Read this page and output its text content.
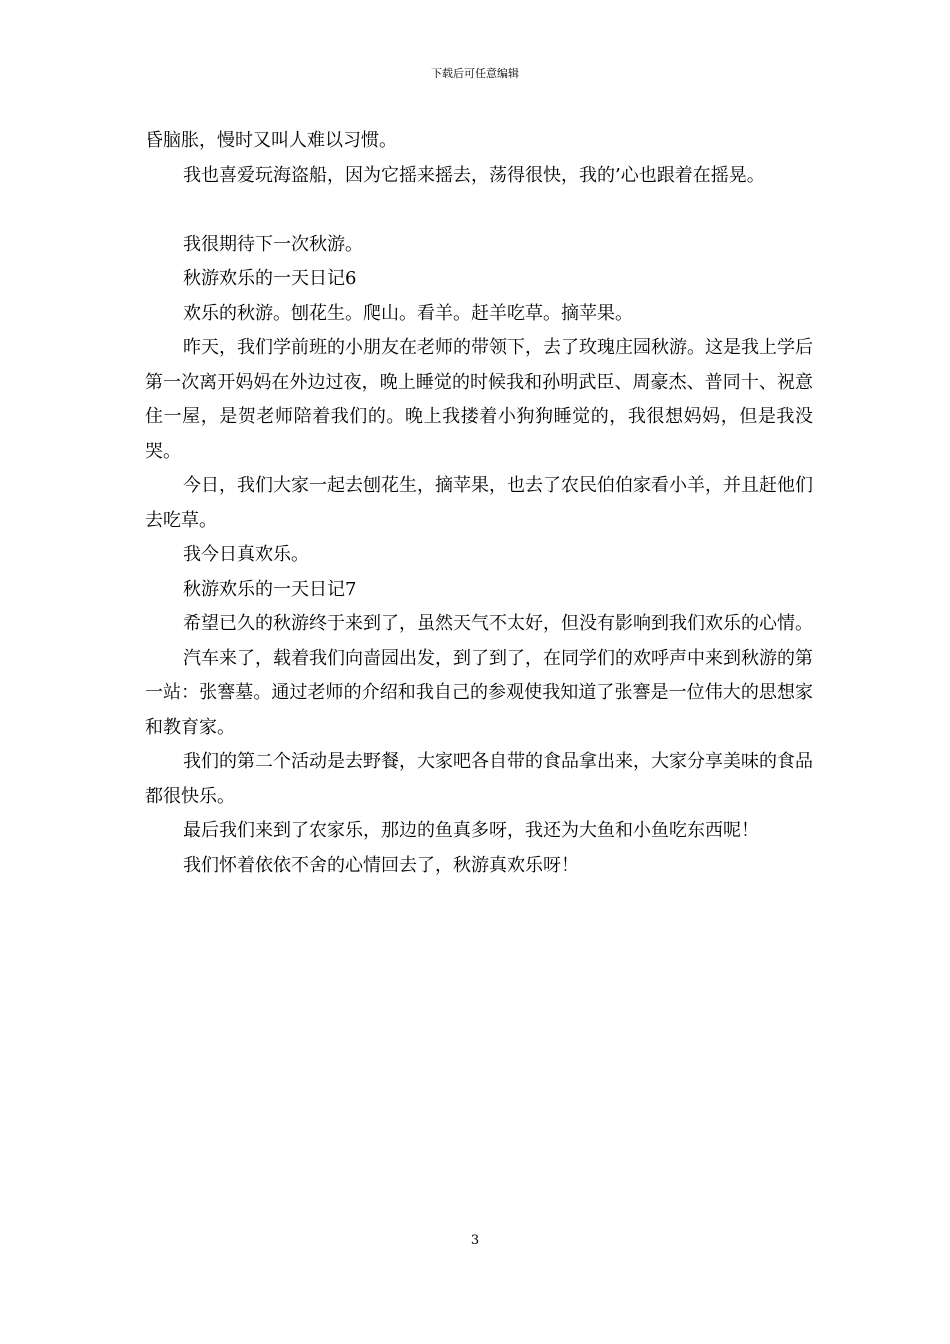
下载后可任意编辑

昏脑胀，慢时又叫人难以习惯。

我也喜爱玩海盗船，因为它摇来摇去，荡得很快，我的’心也跟着在摇晃。

我很期待下一次秋游。

秋游欢乐的一天日记6

欢乐的秋游。刨花生。爬山。看羊。赶羊吃草。摘苹果。

昨天，我们学前班的小朋友在老师的带领下，去了玫瑰庄园秋游。这是我上学后第一次离开妈妈在外边过夜，晚上睡觉的时候我和孙明武臣、周豪杰、普同十、祝意住一屋，是贺老师陪着我们的。晚上我搂着小狗狗睡觉的，我很想妈妈，但是我没哭。

今日，我们大家一起去刨花生，摘苹果，也去了农民伯伯家看小羊，并且赶他们去吃草。

我今日真欢乐。

秋游欢乐的一天日记7

希望已久的秋游终于来到了，虽然天气不太好，但没有影响到我们欢乐的心情。

汽车来了，载着我们向啬园出发，到了到了，在同学们的欢呼声中来到秋游的第一站：张謇墓。通过老师的介绍和我自己的参观使我知道了张謇是一位伟大的思想家和教育家。

我们的第二个活动是去野餐，大家吧各自带的食品拿出来，大家分享美味的食品都很快乐。

最后我们来到了农家乐，那边的鱼真多呀，我还为大鱼和小鱼吃东西呢！

我们怀着依依不舍的心情回去了，秋游真欢乐呀！

3
